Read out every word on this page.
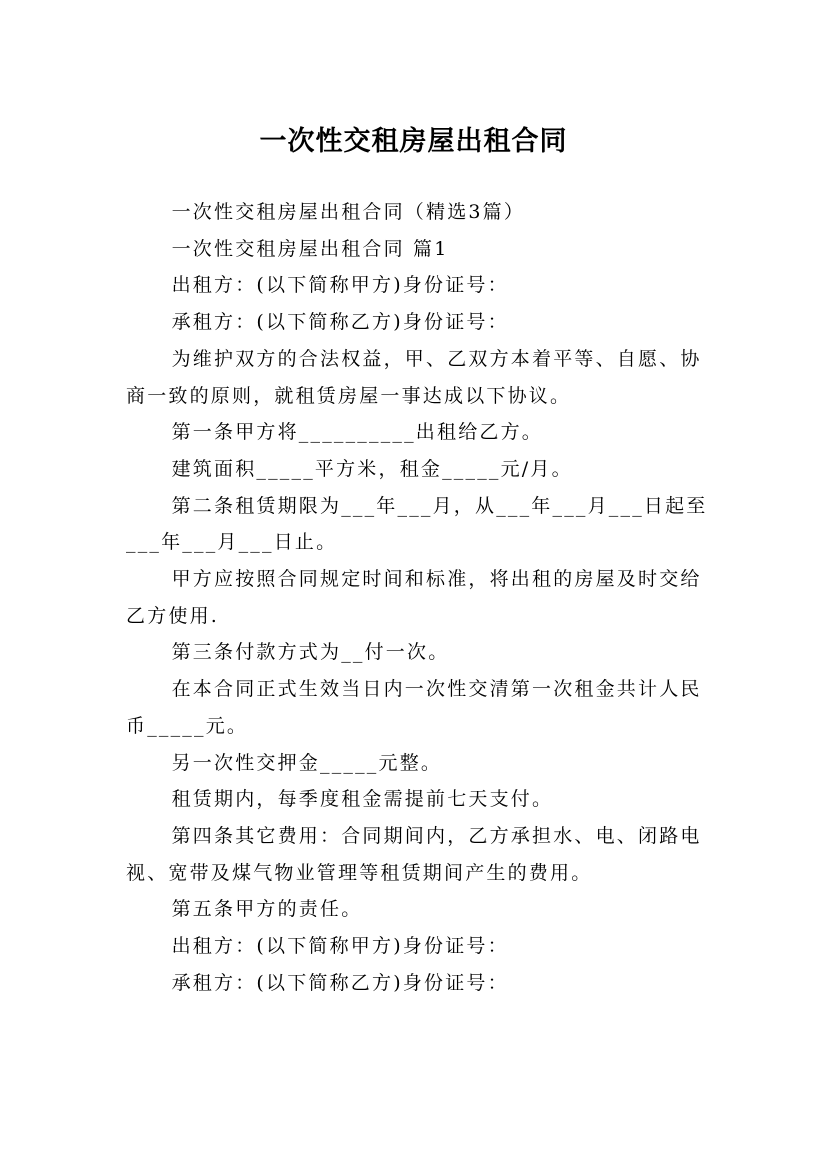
一次性交租房屋出租合同

一次性交租房屋出租合同（精选3篇）

一次性交租房屋出租合同 篇1

出租方：(以下简称甲方)身份证号：

承租方：(以下简称乙方)身份证号：

为维护双方的合法权益，甲、乙双方本着平等、自愿、协商一致的原则，就租赁房屋一事达成以下协议。

第一条甲方将__________出租给乙方。

建筑面积_____平方米，租金_____元/月。

第二条租赁期限为___年___月，从___年___月___日起至___年___月___日止。

甲方应按照合同规定时间和标准，将出租的房屋及时交给乙方使用.

第三条付款方式为__付一次。

在本合同正式生效当日内一次性交清第一次租金共计人民币_____元。

另一次性交押金_____元整。

租赁期内，每季度租金需提前七天支付。

第四条其它费用：合同期间内，乙方承担水、电、闭路电视、宽带及煤气物业管理等租赁期间产生的费用。

第五条甲方的责任。

出租方：(以下简称甲方)身份证号：

承租方：(以下简称乙方)身份证号：
